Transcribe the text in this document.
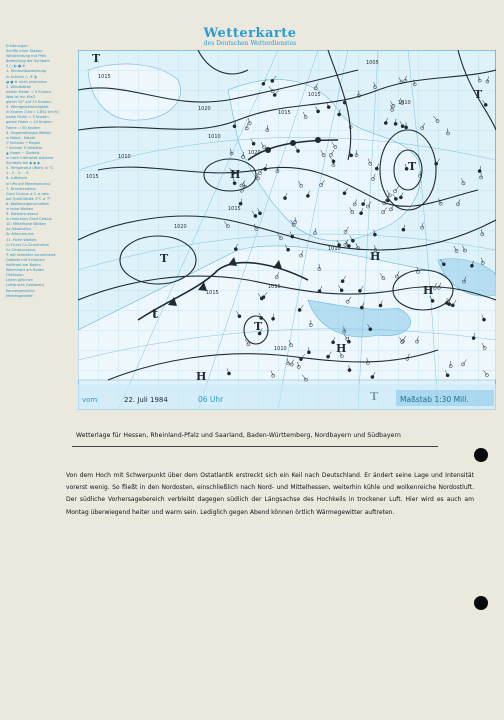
Wetterkarte
des Deutschen Wetterdienstes
Erklärungen
Schiffe einer Station
Windrichtung mit Pfeil
Bedeutung der Symbole
0 ○ ◐ ● ⊗
1. Himmelsbedeckung
in Achteln ○ ◔ ◑
◕ ● ⊗ nicht erkennbar
2. Windstärke
halber Fieder = 5 Knoten
Was ist ein Kfz/2
gleich 10° auf 15 Knoten
3. Windgeschwindigkeit
in Knoten (1kn= 1,852 km/h)
halbe Feder = 5 Knoten
ganze Feder = 10 Knoten
Fahne = 50 Knoten
4. Gegenwärtiges Wetter
≡ Nebel , Niesel
▽ Schauer • Regen
* Schnee ⊼ Gewitter
▲ Hagel ~ Glatteis
in nach Intensität stärkere
Symbole bei ◆ ◆ ◆
5. Temperatur (Wert) in °C
1 - 2 - 3 · · 4 ·
6. Luftdruck
in hPa auf Meeresniveau
7. Drucktendenz
Grad Celsius ≥ 2 ≥ rate
bei Quell-Wolke 1°C ≥ 7°
8. Wolkeneigenschaften
≡ hohe Wolken
9. Wasserzustand
in mehreren Grad Celsius
10. Mittelhohe Wolken
As Altostratus
Ac Altocumulus
11. Hohe Wolken
Ci Cirrus Cs Cirrostratus
Cc Cirrocumulus
⊼ mit schneller zunehmend
Gebiete mit Schauern
Kaltfront am Boden
Warmfront am Boden
Okklusion
Linien gleichen
Luftdrucks (Isobaren)
Konvergenzlinie
Meeresgebiete
T
T
T
T
T
H
H
H
H
H
t
1015
1010
1015
1020
1010
1015
1020
1015
1005
1010
1015
1020
1015
1010
1015
1010
vom	22. Juli 1984	06 Uhr	Maßstab 1:30 Mill.
Wetterlage für Hessen, Rheinland-Pfalz und Saarland, Baden-Württemberg, Nordbayern und Südbayern
Von dem Hoch mit Schwerpunkt über dem Ostatlantik erstreckt sich ein Keil nach Deutschland. Er ändert seine Lage und Intensität vorerst wenig. So fließt in den Nordosten, einschließlich nach Nord- und Mittelhessen, weiterhin kühle und wolkenreiche Nordostluft. Der südliche Vorhersagebereich verbleibt dagegen südlich der Längsachse des Hochkeils in trockener Luft. Hier wird es auch am Montag überwiegend heiter und warm sein. Lediglich gegen Abend können örtlich Wärmegewitter auftreten.
